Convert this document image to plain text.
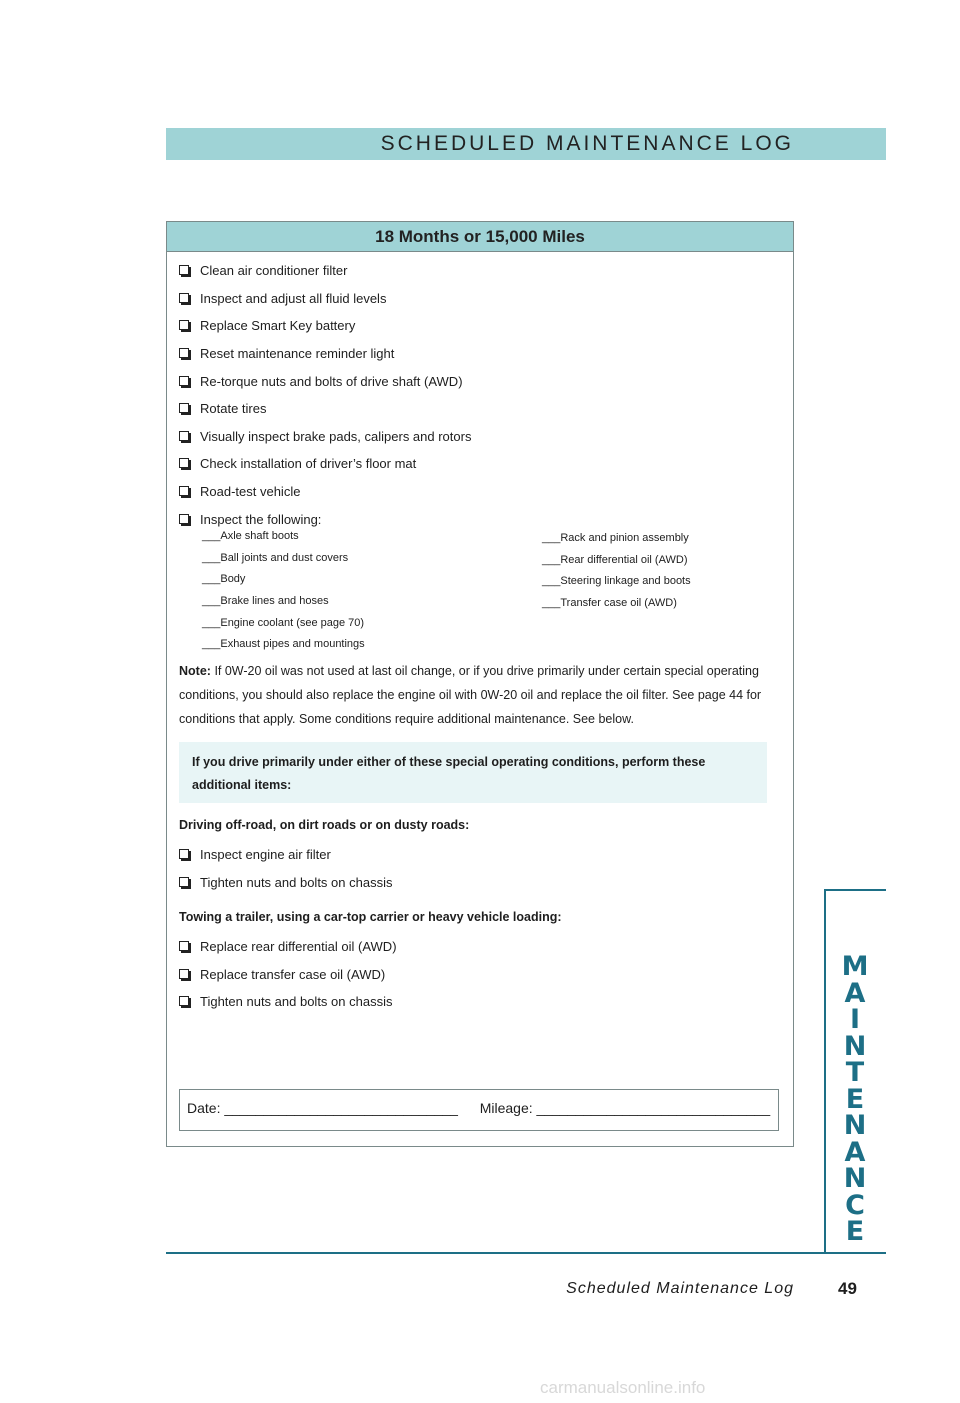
SCHEDULED MAINTENANCE LOG
18 Months or 15,000 Miles
Clean air conditioner filter
Inspect and adjust all fluid levels
Replace Smart Key battery
Reset maintenance reminder light
Re-torque nuts and bolts of drive shaft (AWD)
Rotate tires
Visually inspect brake pads, calipers and rotors
Check installation of driver’s floor mat
Road-test vehicle
Inspect the following:
___Axle shaft boots
___Ball joints and dust covers
___Body
___Brake lines and hoses
___Engine coolant (see page 70)
___Exhaust pipes and mountings
___Rack and pinion assembly
___Rear differential oil (AWD)
___Steering linkage and boots
___Transfer case oil (AWD)
Note: If 0W-20 oil was not used at last oil change, or if you drive primarily under certain special operating conditions, you should also replace the engine oil with 0W-20 oil and replace the oil filter. See page 44 for conditions that apply. Some conditions require additional maintenance. See below.
If you drive primarily under either of these special operating conditions, perform these additional items:
Driving off-road, on dirt roads or on dusty roads:
Inspect engine air filter
Tighten nuts and bolts on chassis
Towing a trailer, using a car-top carrier or heavy vehicle loading:
Replace rear differential oil (AWD)
Replace transfer case oil (AWD)
Tighten nuts and bolts on chassis
Date: ______________________________ Mileage: ______________________________
M
A
I
N
T
E
N
A
N
C
E
Scheduled Maintenance Log	49
carmanualsonline.info
